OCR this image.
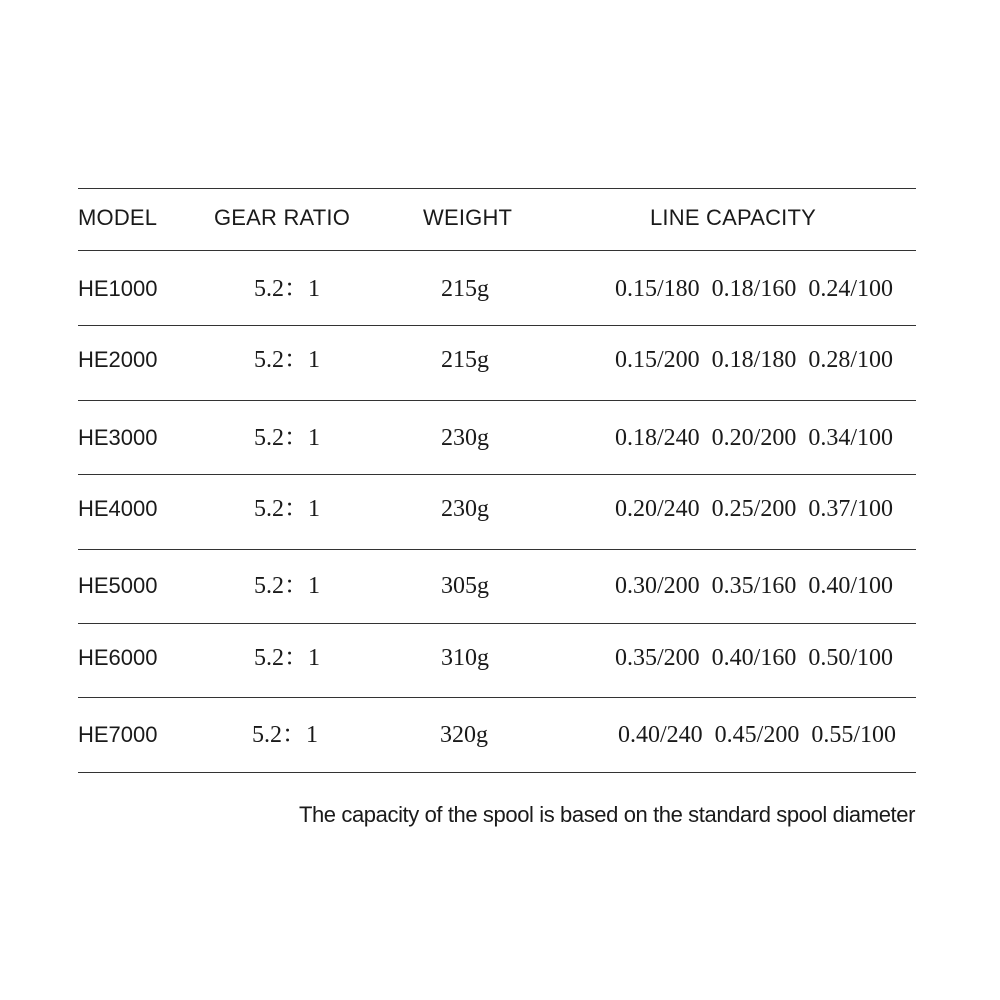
MODEL	GEAR RATIO	WEIGHT	LINE CAPACITY
HE1000	5.2：1	215g	0.15/180  0.18/160  0.24/100
HE2000	5.2：1	215g	0.15/200  0.18/180  0.28/100
HE3000	5.2：1	230g	0.18/240  0.20/200  0.34/100
HE4000	5.2：1	230g	0.20/240  0.25/200  0.37/100
HE5000	5.2：1	305g	0.30/200  0.35/160  0.40/100
HE6000	5.2：1	310g	0.35/200  0.40/160  0.50/100
HE7000	5.2：1	320g	0.40/240  0.45/200  0.55/100
The capacity of the spool is based on the standard spool diameter
